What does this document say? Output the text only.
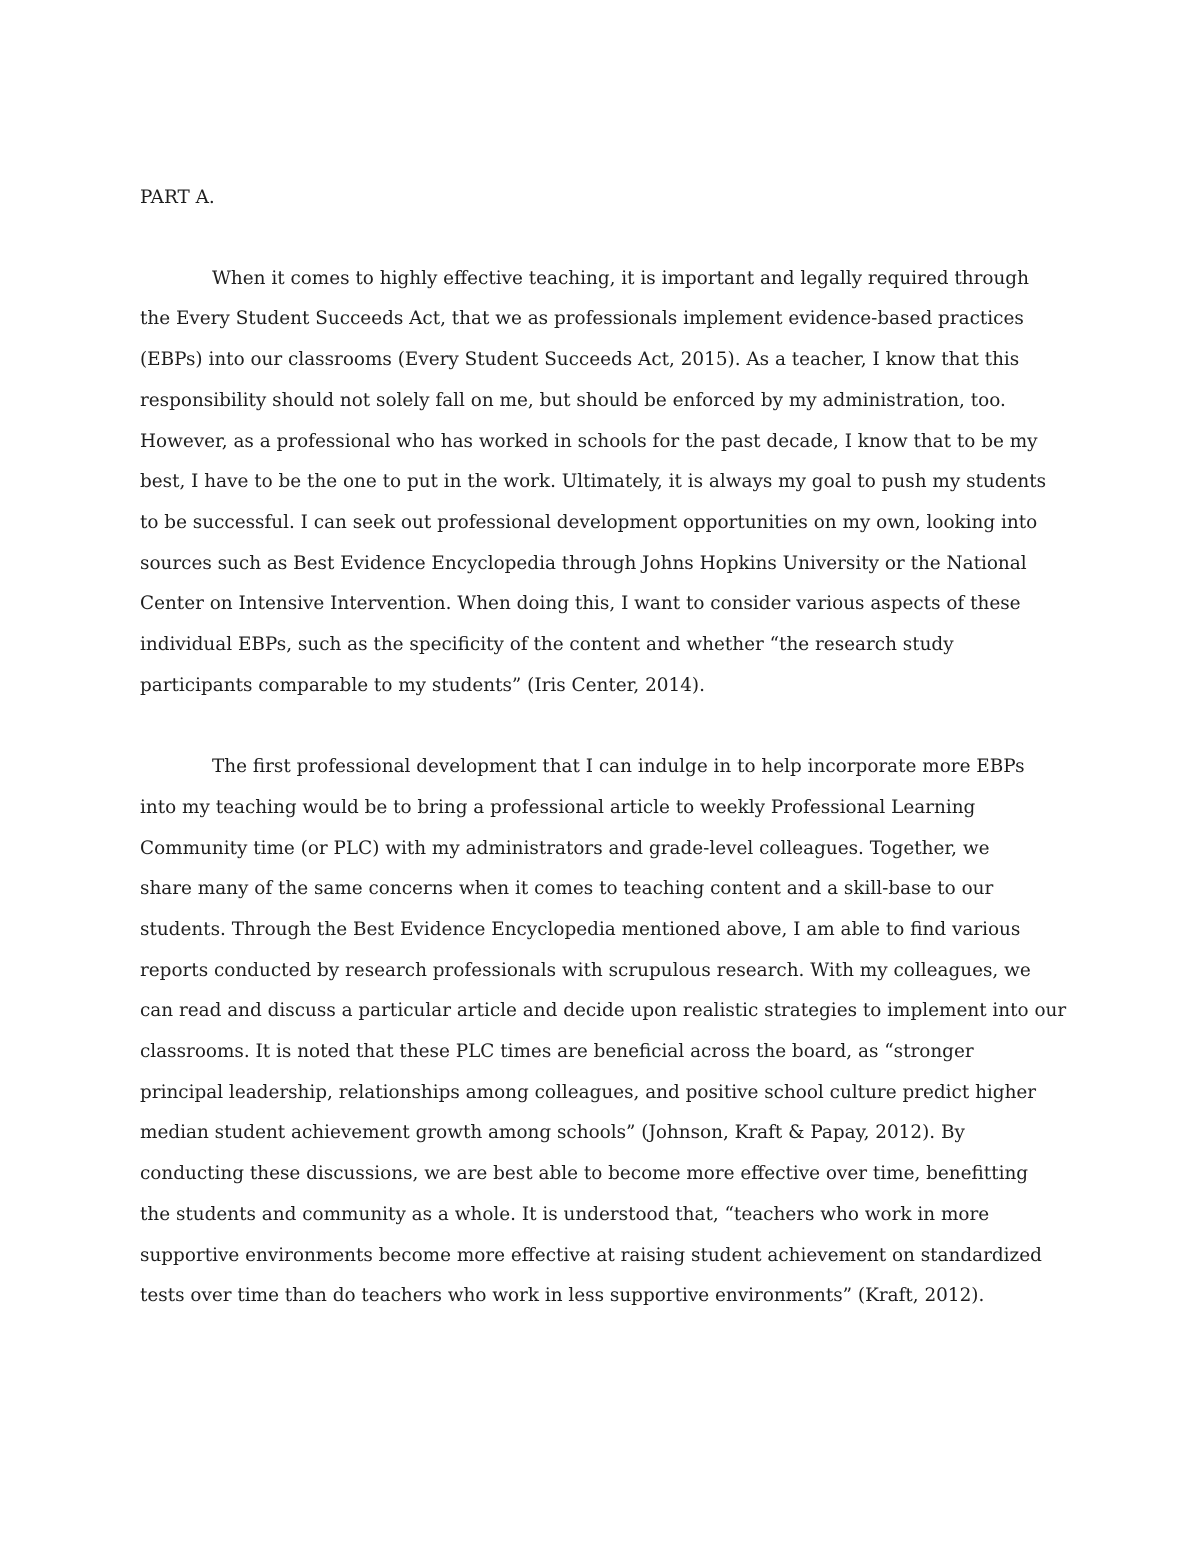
PART A.

When it comes to highly effective teaching, it is important and legally required through
the Every Student Succeeds Act, that we as professionals implement evidence-based practices
(EBPs) into our classrooms (Every Student Succeeds Act, 2015). As a teacher, I know that this
responsibility should not solely fall on me, but should be enforced by my administration, too.
However, as a professional who has worked in schools for the past decade, I know that to be my
best, I have to be the one to put in the work. Ultimately, it is always my goal to push my students
to be successful. I can seek out professional development opportunities on my own, looking into
sources such as Best Evidence Encyclopedia through Johns Hopkins University or the National
Center on Intensive Intervention. When doing this, I want to consider various aspects of these
individual EBPs, such as the specificity of the content and whether “the research study
participants comparable to my students” (Iris Center, 2014).

The first professional development that I can indulge in to help incorporate more EBPs
into my teaching would be to bring a professional article to weekly Professional Learning
Community time (or PLC) with my administrators and grade-level colleagues. Together, we
share many of the same concerns when it comes to teaching content and a skill-base to our
students. Through the Best Evidence Encyclopedia mentioned above, I am able to find various
reports conducted by research professionals with scrupulous research. With my colleagues, we
can read and discuss a particular article and decide upon realistic strategies to implement into our
classrooms. It is noted that these PLC times are beneficial across the board, as “stronger
principal leadership, relationships among colleagues, and positive school culture predict higher
median student achievement growth among schools” (Johnson, Kraft & Papay, 2012). By
conducting these discussions, we are best able to become more effective over time, benefitting
the students and community as a whole. It is understood that, “teachers who work in more
supportive environments become more effective at raising student achievement on standardized
tests over time than do teachers who work in less supportive environments” (Kraft, 2012).
